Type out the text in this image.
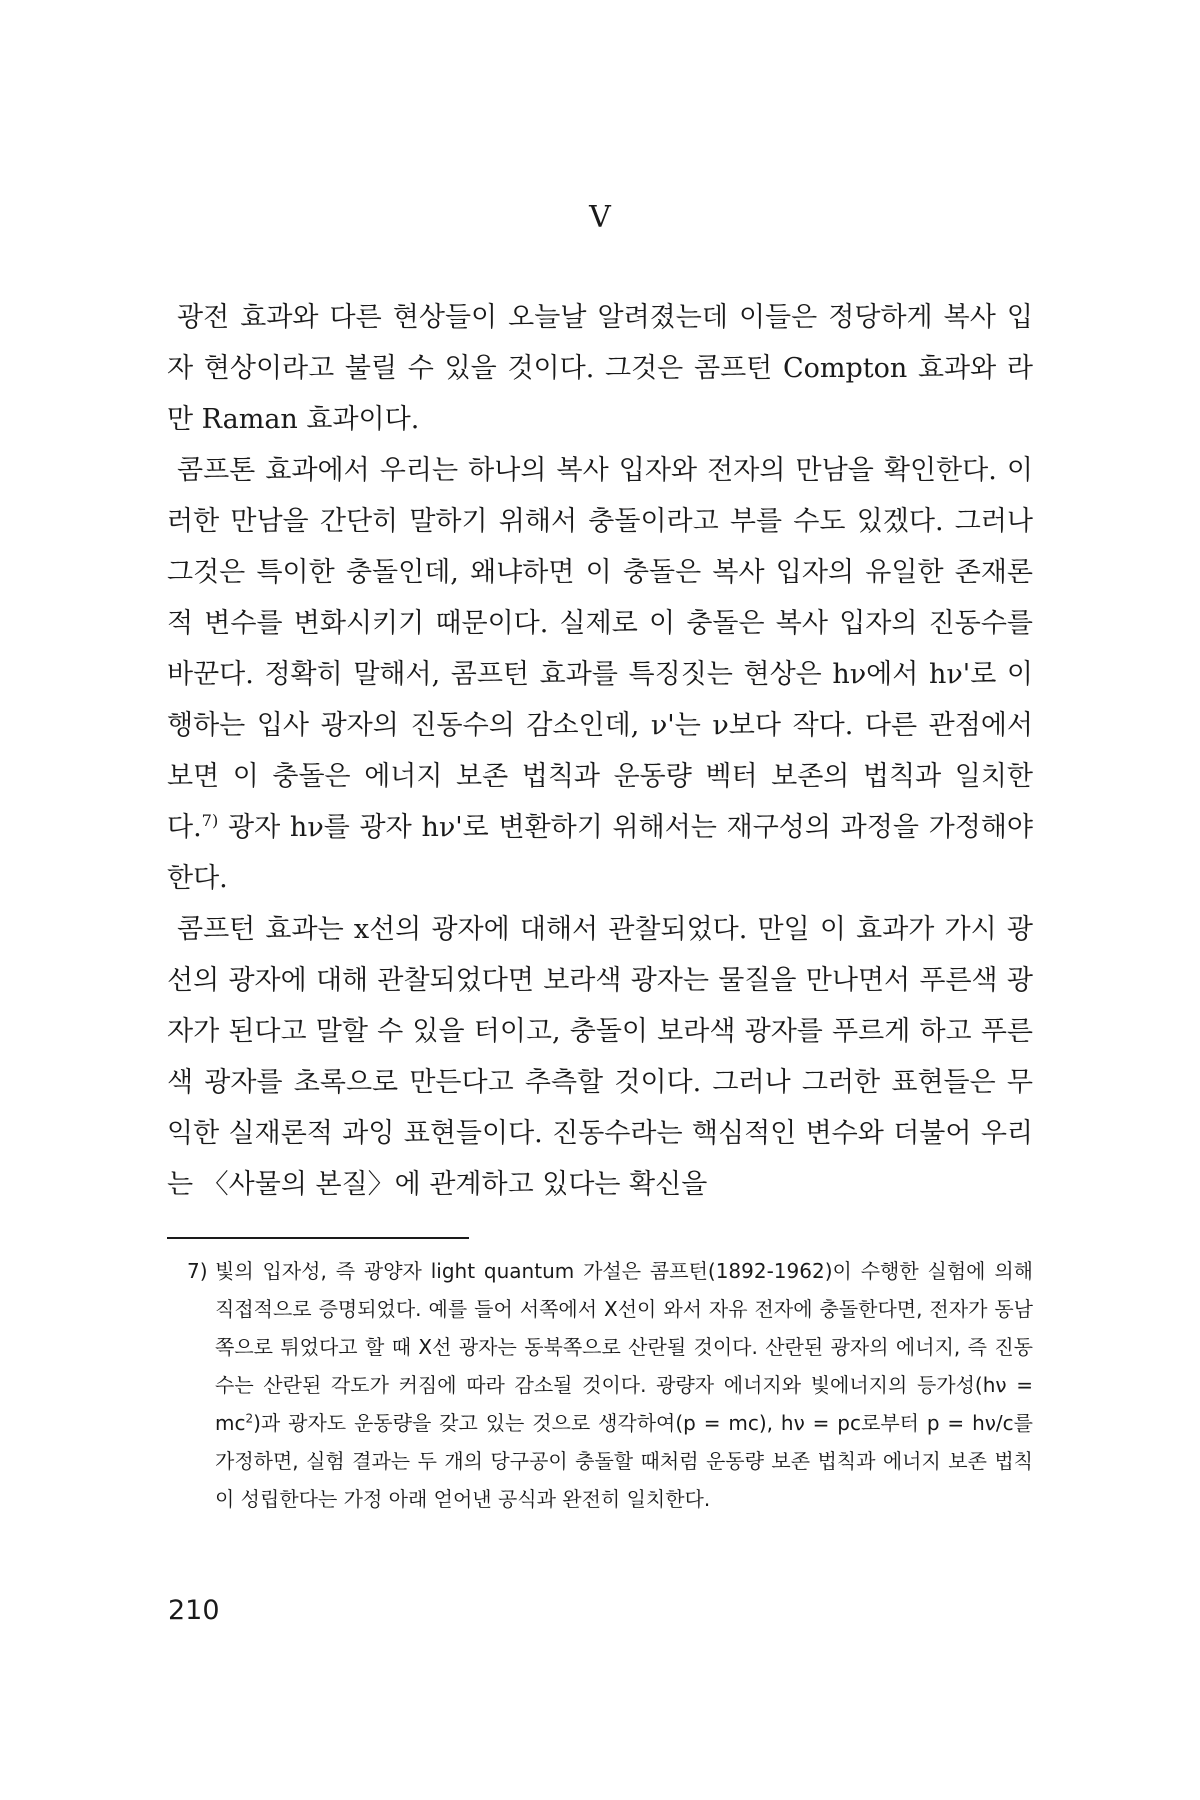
V

광전 효과와 다른 현상들이 오늘날 알려졌는데 이들은 정당하게 복사 입자 현상이라고 불릴 수 있을 것이다. 그것은 콤프턴 Compton 효과와 라만 Raman 효과이다.

콤프톤 효과에서 우리는 하나의 복사 입자와 전자의 만남을 확인한다. 이러한 만남을 간단히 말하기 위해서 충돌이라고 부를 수도 있겠다. 그러나 그것은 특이한 충돌인데, 왜냐하면 이 충돌은 복사 입자의 유일한 존재론적 변수를 변화시키기 때문이다. 실제로 이 충돌은 복사 입자의 진동수를 바꾼다. 정확히 말해서, 콤프턴 효과를 특징짓는 현상은 hν에서 hν'로 이행하는 입사 광자의 진동수의 감소인데, ν'는 ν보다 작다. 다른 관점에서 보면 이 충돌은 에너지 보존 법칙과 운동량 벡터 보존의 법칙과 일치한다.$^{7)}$ 광자 hν를 광자 hν'로 변환하기 위해서는 재구성의 과정을 가정해야 한다.

콤프턴 효과는 x선의 광자에 대해서 관찰되었다. 만일 이 효과가 가시 광선의 광자에 대해 관찰되었다면 보라색 광자는 물질을 만나면서 푸른색 광자가 된다고 말할 수 있을 터이고, 충돌이 보라색 광자를 푸르게 하고 푸른색 광자를 초록으로 만든다고 추측할 것이다. 그러나 그러한 표현들은 무익한 실재론적 과잉 표현들이다. 진동수라는 핵심적인 변수와 더불어 우리는 〈사물의 본질〉에 관계하고 있다는 확신을

7) 빛의 입자성, 즉 광양자 light quantum 가설은 콤프턴(1892-1962)이 수행한 실험에 의해 직접적으로 증명되었다. 예를 들어 서쪽에서 X선이 와서 자유 전자에 충돌한다면, 전자가 동남쪽으로 튀었다고 할 때 X선 광자는 동북쪽으로 산란될 것이다. 산란된 광자의 에너지, 즉 진동수는 산란된 각도가 커짐에 따라 감소될 것이다. 광량자 에너지와 빛에너지의 등가성$(h\nu = mc^2)$과 광자도 운동량을 갖고 있는 것으로 생각하여(p = mc), hν = pc로부터 p = hν/c를 가정하면, 실험 결과는 두 개의 당구공이 충돌할 때처럼 운동량 보존 법칙과 에너지 보존 법칙이 성립한다는 가정 아래 얻어낸 공식과 완전히 일치한다.
210
